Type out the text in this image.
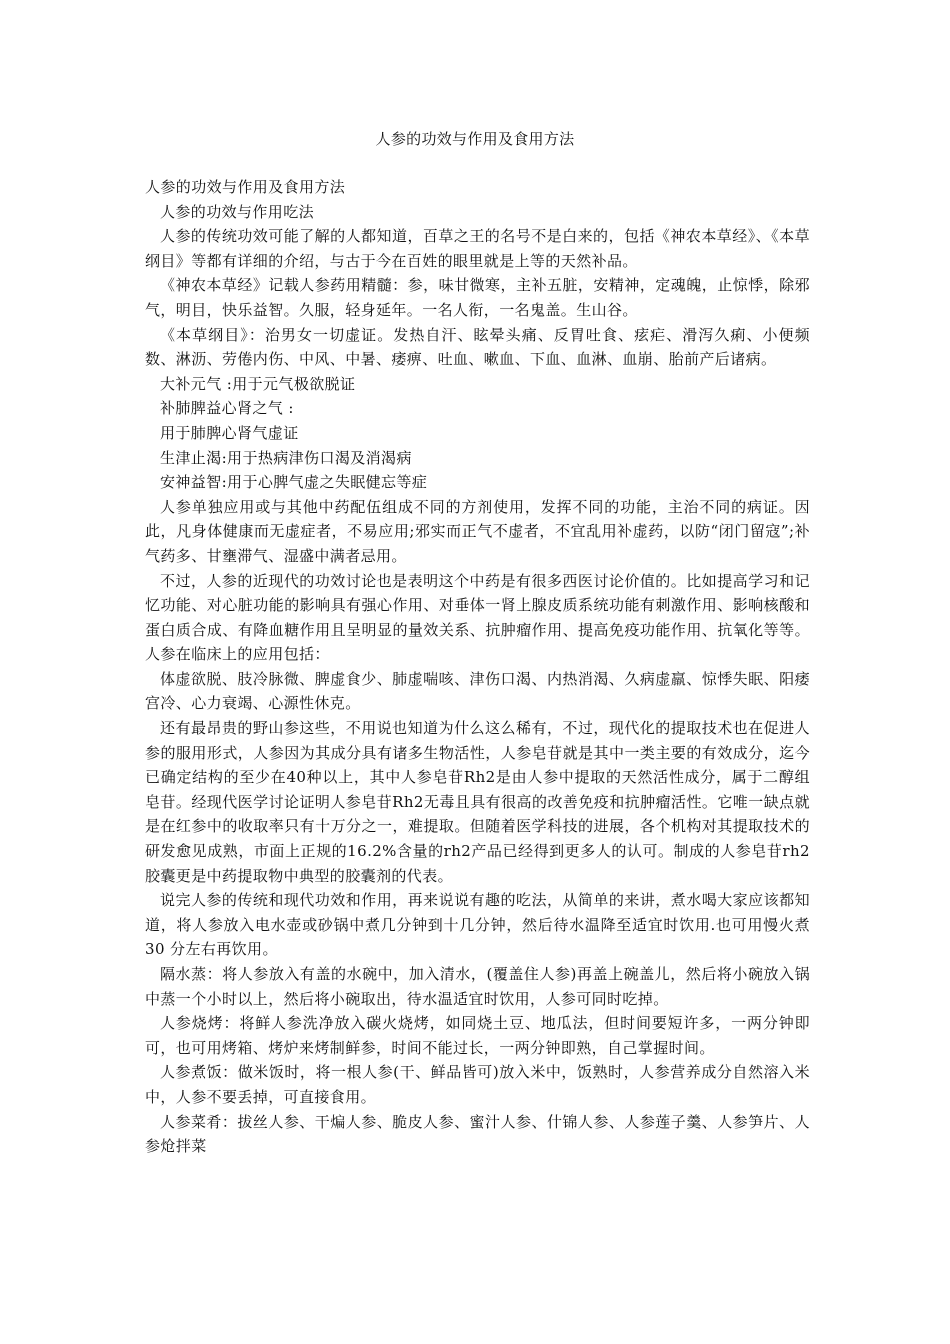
人参的功效与作用及食用方法

人参的功效与作用及食用方法

人参的功效与作用吃法

人参的传统功效可能了解的人都知道，百草之王的名号不是白来的，包括《神农本草经》、《本草纲目》等都有详细的介绍，与古于今在百姓的眼里就是上等的天然补品。

《神农本草经》记载人参药用精髓：参，味甘微寒，主补五脏，安精神，定魂魄，止惊悸，除邪气，明目，快乐益智。久服，轻身延年。一名人衔，一名鬼盖。生山谷。

《本草纲目》：治男女一切虚证。发热自汗、眩晕头痛、反胃吐食、痃疟、滑泻久痢、小便频数、淋沥、劳倦内伤、中风、中暑、痿痹、吐血、嗽血、下血、血淋、血崩、胎前产后诸病。

大补元气 :用于元气极欲脱证

补肺脾益心肾之气 :

用于肺脾心肾气虚证

生津止渴:用于热病津伤口渴及消渴病

安神益智:用于心脾气虚之失眠健忘等症

人参单独应用或与其他中药配伍组成不同的方剂使用，发挥不同的功能，主治不同的病证。因此，凡身体健康而无虚症者，不易应用;邪实而正气不虚者，不宜乱用补虚药，以防“闭门留寇”;补气药多、甘壅滞气、湿盛中满者忌用。

不过，人参的近现代的功效讨论也是表明这个中药是有很多西医讨论价值的。比如提高学习和记忆功能、对心脏功能的影响具有强心作用、对垂体一肾上腺皮质系统功能有刺激作用、影响核酸和蛋白质合成、有降血糖作用且呈明显的量效关系、抗肿瘤作用、提高免疫功能作用、抗氧化等等。人参在临床上的应用包括：

体虚欲脱、肢冷脉微、脾虚食少、肺虚喘咳、津伤口渴、内热消渴、久病虚羸、惊悸失眠、阳痿宫冷、心力衰竭、心源性休克。

还有最昂贵的野山参这些，不用说也知道为什么这么稀有，不过，现代化的提取技术也在促进人参的服用形式，人参因为其成分具有诸多生物活性，人参皂苷就是其中一类主要的有效成分，迄今已确定结构的至少在40种以上，其中人参皂苷Rh2是由人参中提取的天然活性成分，属于二醇组皂苷。经现代医学讨论证明人参皂苷Rh2无毒且具有很高的改善免疫和抗肿瘤活性。它唯一缺点就是在红参中的收取率只有十万分之一，难提取。但随着医学科技的进展，各个机构对其提取技术的研发愈见成熟，市面上正规的16.2%含量的rh2产品已经得到更多人的认可。制成的人参皂苷rh2胶囊更是中药提取物中典型的胶囊剂的代表。

说完人参的传统和现代功效和作用，再来说说有趣的吃法，从简单的来讲，煮水喝大家应该都知道，将人参放入电水壶或砂锅中煮几分钟到十几分钟，然后待水温降至适宜时饮用.也可用慢火煮30 分左右再饮用。

隔水蒸：将人参放入有盖的水碗中，加入清水，(覆盖住人参)再盖上碗盖儿，然后将小碗放入锅中蒸一个小时以上，然后将小碗取出，待水温适宜时饮用，人参可同时吃掉。

人参烧烤：将鲜人参洗净放入碳火烧烤，如同烧土豆、地瓜法，但时间要短许多，一两分钟即可，也可用烤箱、烤炉来烤制鲜参，时间不能过长，一两分钟即熟，自己掌握时间。

人参煮饭：做米饭时，将一根人参(干、鲜品皆可)放入米中，饭熟时，人参营养成分自然溶入米中，人参不要丢掉，可直接食用。

人参菜肴：拔丝人参、干煸人参、脆皮人参、蜜汁人参、什锦人参、人参莲子羹、人参笋片、人参炝拌菜
